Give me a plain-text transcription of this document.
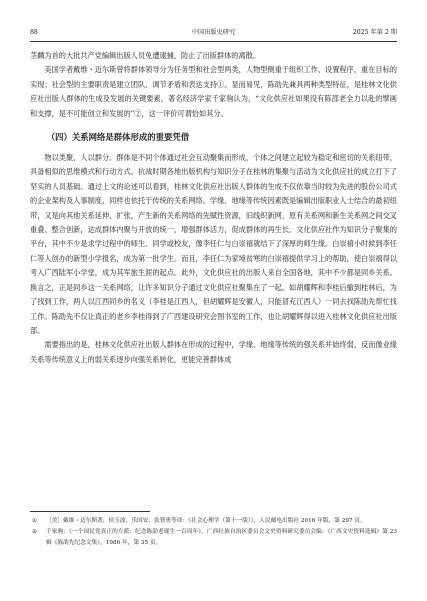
88	中国出版史研究	2025 年第 2 期

茎麟为首的大批共产党编辑出版人员免遭逮捕，防止了出版群体的离散。

美国学者戴维・迈尔斯曾将群体领导分为任务型和社会型两类，人物型侧重于组织工作、设置程序，重在目标的实现；社会型的主要职责是建立团队、调节矛盾和表达支持①。显而易见，陈劭先兼具两种类型特征，是桂林文化供应社出版人群体的生成及发展的关键要素，著名经济学家千家驹认为，“文化供应社如果没有陈邵老全力以赴的擘画和支撑，是不可能创立和发展的”②，这一评价可谓恰如其分。

（四）关系网络是群体形成的重要凭借

物以类聚，人以群分。群体是不同个体通过社会互动聚集而形成，个体之间建立起较为稳定和密切的关系纽带，具备相似的思维模式和行动方式。抗战时期各地出版机构与知识分子在桂林的集聚与活动为文化供应社的成立打下了坚实的人员基础。通过上文的论述可以看到，桂林文化供应社出版人群体的生成不仅依靠当时较为先进的股份公司式的企业架构及人事制度，同样也依托于传统的关系网络。学缘、地缘等传统因素既是编辑出版职业人士结合的最初纽带，又是向其他关系延伸、扩张，产生新的关系网络的先赋性资源，旧线织新网，原有关系网和新生关系网之间交叉重叠、整合创新，达成群体内聚与开放的统一，增强群体活力，促成群体的再生长。文化供应社作为知识分子聚集的平台，其中不少是求学过程中的师生、同学或校友，像李任仁与白崇禧就结下了深厚的师生缘。白崇禧小时候到李任仁等人创办的新型小学报名，成为第一批学生。而且，李任仁为家境贫寒的白崇禧提供学习上的帮助，使白崇禧得以考入广西陆军小学堂，成为其军旅生涯的起点。此外，文化供应社的出版人来自全国各地，其中不少都是同乡关系。换言之，正是同乡这一关系网络，让许多知识分子通过文化供应社聚集在了一起。如胡耀辉和李桂后撤到桂林后，为了找到工作，两人以江西同乡的名义（李桂是江西人，但胡耀辉是安徽人，只能冒充江西人）一同去找陈劭先帮忙找工作。陈劭先不仅让真正的老乡李桂得到了广西建设研究会图书室的工作，也让胡耀辉得以进入桂林文化供应社出版部。

需要指出的是，桂林文化供应社出版人群体在形成的过程中，学缘、地缘等传统的强关系并始终弱，反而像业缘关系等传统意义上的弱关系逐步向强关系转化，更能完善群体成

① ［美］戴维・迈尔斯著，侯玉波、乐国安、张智勇等译：《社会心理学（第十一版）》，人民邮电出版社 2016 年版，第 297 页。
② 千家驹：《一个国民党真正的左派：纪念陈劭老诞生一百周年》，广西壮族自治区委员会文史资料研究委员会编：《广西文史资料选辑》第 23 辑《陈劭先纪念文集》，1986 年，第 35 页。
